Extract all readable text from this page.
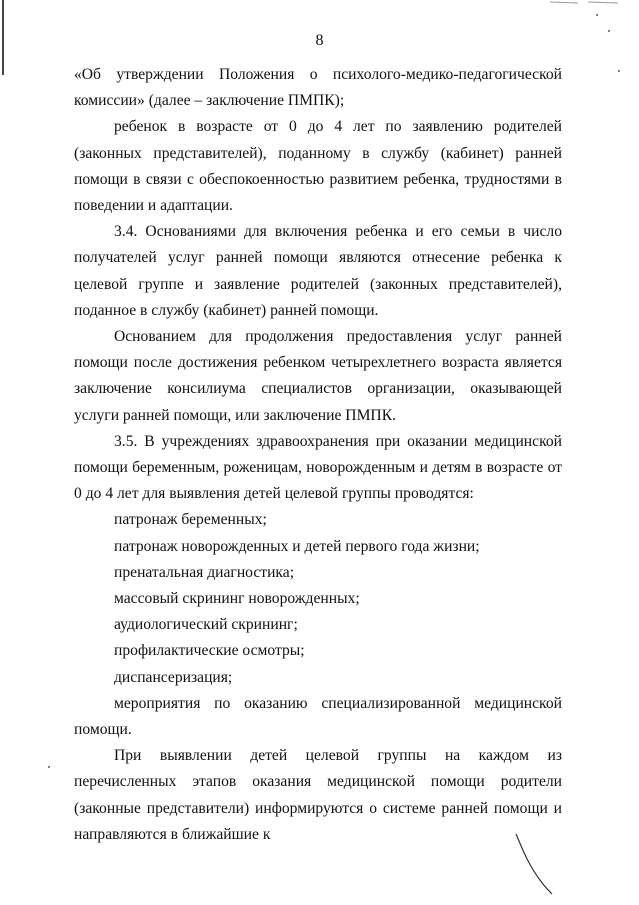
8

«Об утверждении Положения о психолого-медико-педагогической комиссии» (далее – заключение ПМПК);

ребенок в возрасте от 0 до 4 лет по заявлению родителей (законных представителей), поданному в службу (кабинет) ранней помощи в связи с обеспокоенностью развитием ребенка, трудностями в поведении и адаптации.

3.4. Основаниями для включения ребенка и его семьи в число получателей услуг ранней помощи являются отнесение ребенка к целевой группе и заявление родителей (законных представителей), поданное в службу (кабинет) ранней помощи.

Основанием для продолжения предоставления услуг ранней помощи после достижения ребенком четырехлетнего возраста является заключение консилиума специалистов организации, оказывающей услуги ранней помощи, или заключение ПМПК.

3.5. В учреждениях здравоохранения при оказании медицинской помощи беременным, роженицам, новорожденным и детям в возрасте от 0 до 4 лет для выявления детей целевой группы проводятся:

патронаж беременных;

патронаж новорожденных и детей первого года жизни;

пренатальная диагностика;

массовый скрининг новорожденных;

аудиологический скрининг;

профилактические осмотры;

диспансеризация;

мероприятия по оказанию специализированной медицинской помощи.

При выявлении детей целевой группы на каждом из перечисленных этапов оказания медицинской помощи родители (законные представители) информируются о системе ранней помощи и направляются в ближайшие к
